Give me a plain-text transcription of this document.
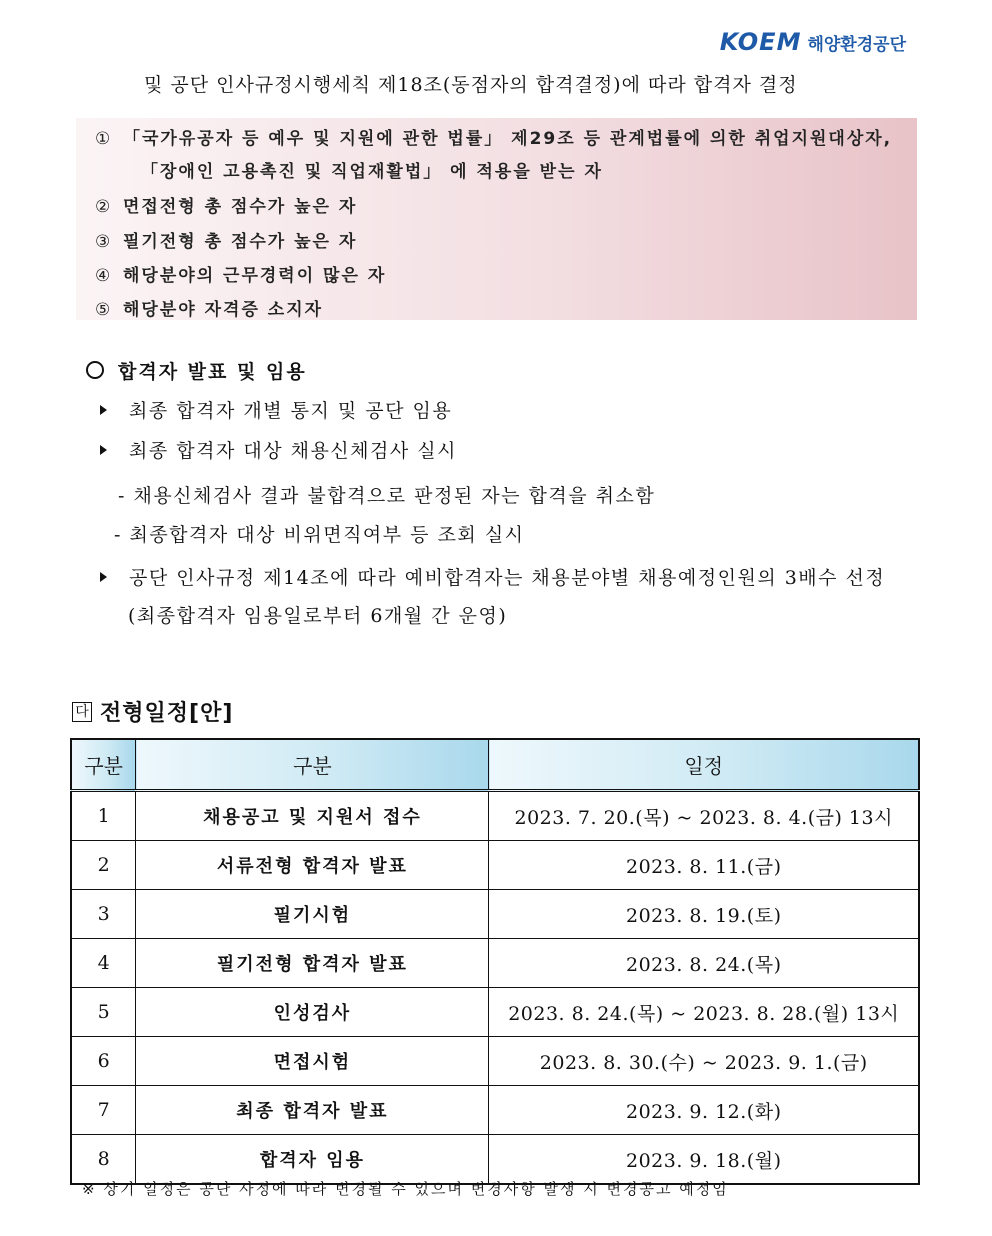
KOEM 해양환경공단
및 공단 인사규정시행세칙 제18조(동점자의 합격결정)에 따라 합격자 결정
① 「국가유공자 등 예우 및 지원에 관한 법률」 제29조 등 관계법률에 의한 취업지원대상자,
「장애인 고용촉진 및 직업재활법」 에 적용을 받는 자
② 면접전형 총 점수가 높은 자
③ 필기전형 총 점수가 높은 자
④ 해당분야의 근무경력이 많은 자
⑤ 해당분야 자격증 소지자
합격자 발표 및 임용
최종 합격자 개별 통지 및 공단 임용
최종 합격자 대상 채용신체검사 실시
- 채용신체검사 결과 불합격으로 판정된 자는 합격을 취소함
- 최종합격자 대상 비위면직여부 등 조회 실시
공단 인사규정 제14조에 따라 예비합격자는 채용분야별 채용예정인원의 3배수 선정
(최종합격자 임용일로부터 6개월 간 운영)
다 전형일정[안]
구분	구분	일정
1	채용공고 및 지원서 접수	2023. 7. 20.(목) ~ 2023. 8. 4.(금) 13시
2	서류전형 합격자 발표	2023. 8. 11.(금)
3	필기시험	2023. 8. 19.(토)
4	필기전형 합격자 발표	2023. 8. 24.(목)
5	인성검사	2023. 8. 24.(목) ~ 2023. 8. 28.(월) 13시
6	면접시험	2023. 8. 30.(수) ~ 2023. 9. 1.(금)
7	최종 합격자 발표	2023. 9. 12.(화)
8	합격자 임용	2023. 9. 18.(월)
※ 상기 일정은 공단 사정에 따라 변경될 수 있으며 변경사항 발생 시 변경공고 예정임
